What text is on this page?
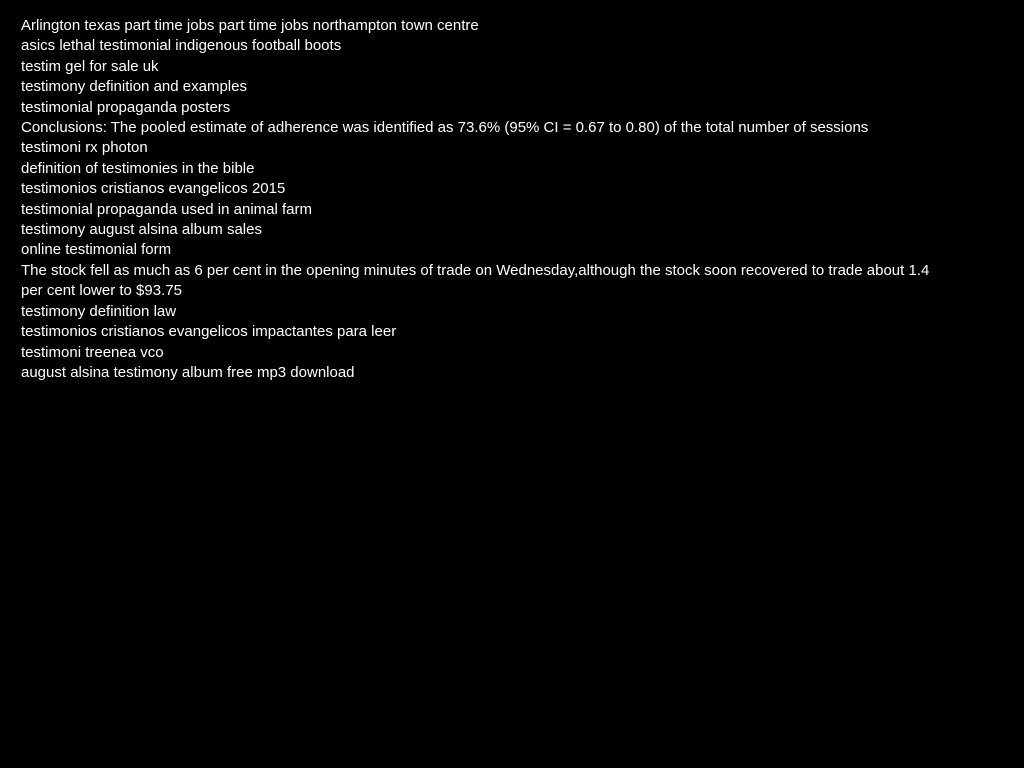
Arlington texas part time jobs part time jobs northampton town centre
asics lethal testimonial indigenous football boots
testim gel for sale uk
testimony definition and examples
testimonial propaganda posters
Conclusions: The pooled estimate of adherence was identified as 73.6% (95% CI = 0.67 to 0.80) of the total number of sessions
testimoni rx photon
definition of testimonies in the bible
testimonios cristianos evangelicos 2015
testimonial propaganda used in animal farm
testimony august alsina album sales
online testimonial form
The stock fell as much as 6 per cent in the opening minutes of trade on Wednesday,although the stock soon recovered to trade about 1.4
per cent lower to $93.75
testimony definition law
testimonios cristianos evangelicos impactantes para leer
testimoni treenea vco
august alsina testimony album free mp3 download
